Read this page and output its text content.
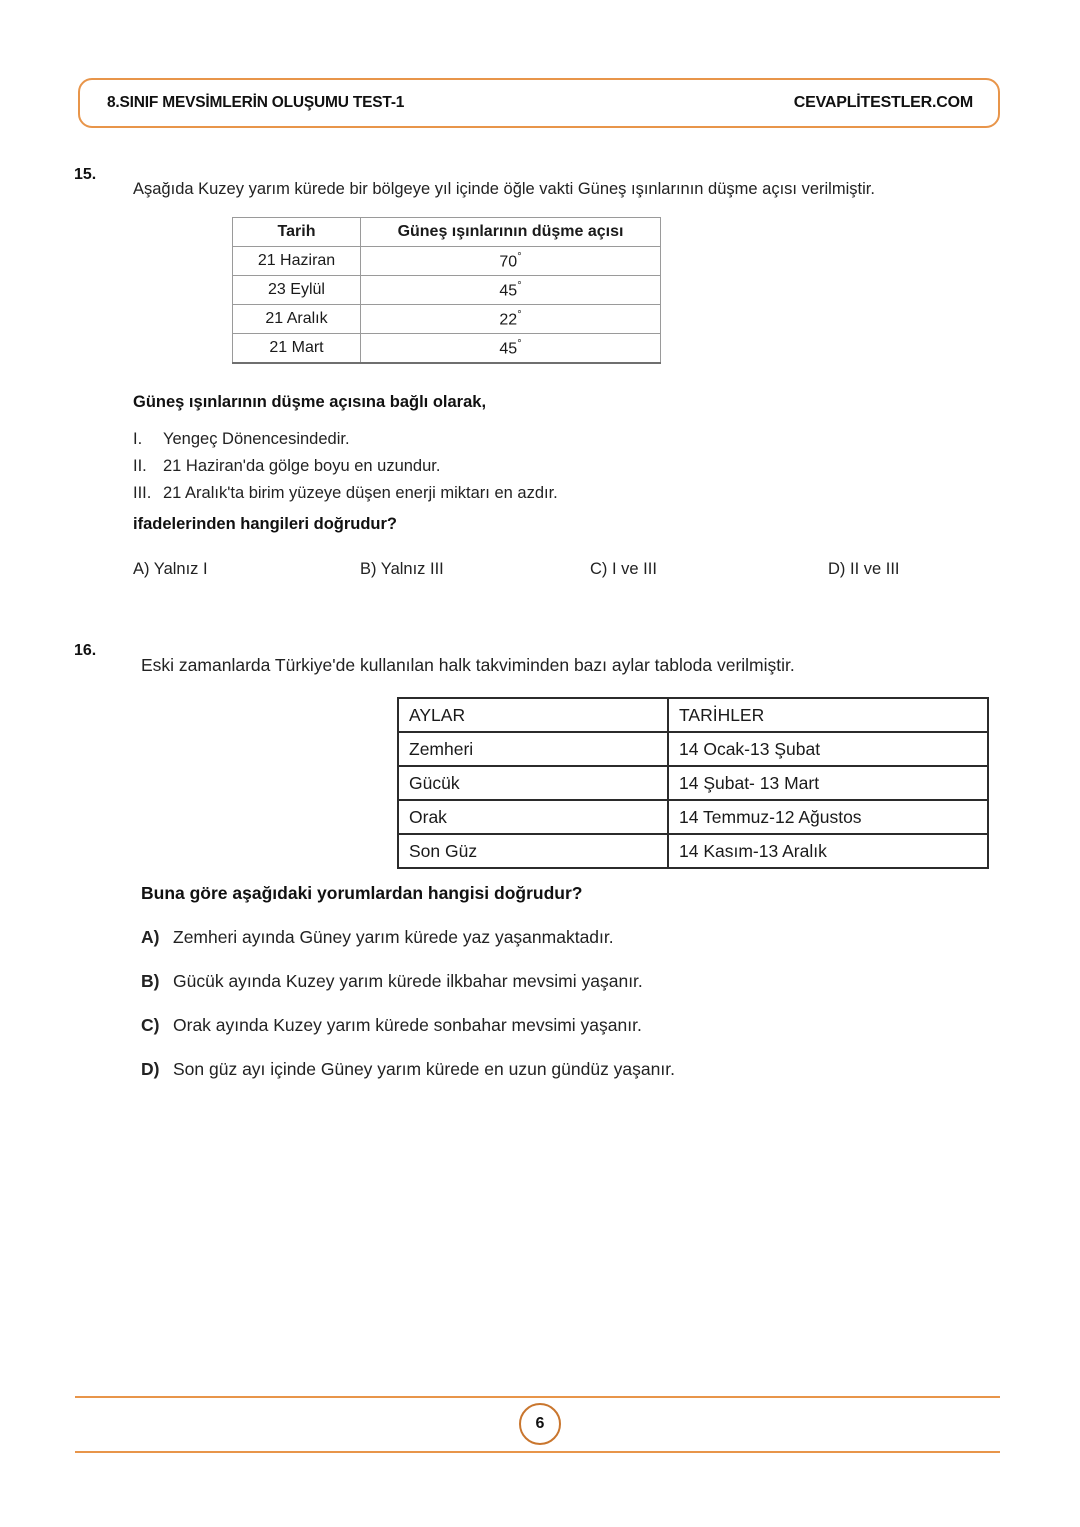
8.SINIF MEVSİMLERİN OLUŞUMU TEST-1	CEVAPLİTESTLER.COM
15.
Aşağıda Kuzey yarım kürede bir bölgeye yıl içinde öğle vakti Güneş ışınlarının düşme açısı verilmiştir.
Tarih	Güneş ışınlarının düşme açısı
21 Haziran	70°
23 Eylül	45°
21 Aralık	22°
21 Mart	45°
Güneş ışınlarının düşme açısına bağlı olarak,
I. Yengeç Dönencesindedir.
II. 21 Haziran'da gölge boyu en uzundur.
III. 21 Aralık'ta birim yüzeye düşen enerji miktarı en azdır.
ifadelerinden hangileri doğrudur?
A) Yalnız I	B) Yalnız III	C) I ve III	D) II ve III
16.
Eski zamanlarda Türkiye'de kullanılan halk takviminden bazı aylar tabloda verilmiştir.
AYLAR	TARİHLER
Zemheri	14 Ocak-13 Şubat
Gücük	14 Şubat- 13 Mart
Orak	14 Temmuz-12 Ağustos
Son Güz	14 Kasım-13 Aralık
Buna göre aşağıdaki yorumlardan hangisi doğrudur?
A) Zemheri ayında Güney yarım kürede yaz yaşanmaktadır.
B) Gücük ayında Kuzey yarım kürede ilkbahar mevsimi yaşanır.
C) Orak ayında Kuzey yarım kürede sonbahar mevsimi yaşanır.
D) Son güz ayı içinde Güney yarım kürede en uzun gündüz yaşanır.
6
